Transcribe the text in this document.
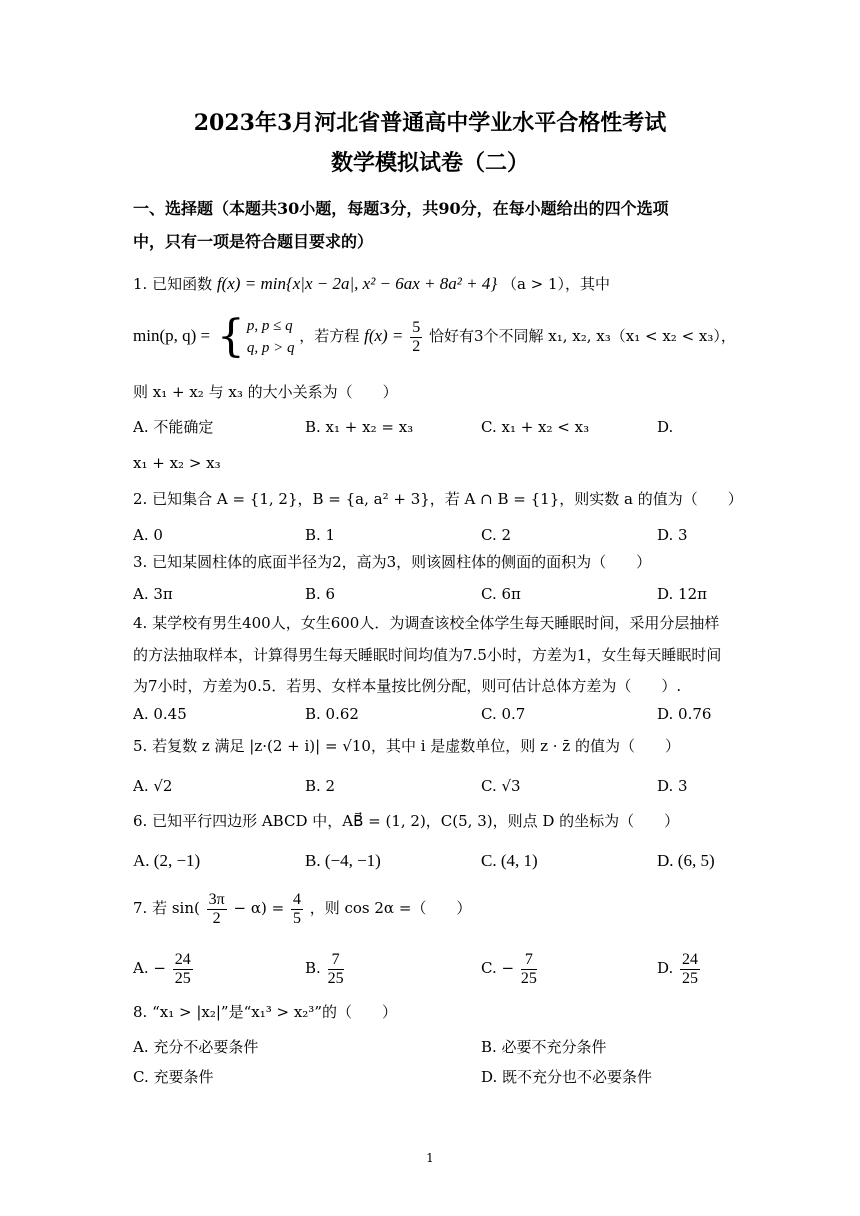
2023年3月河北省普通高中学业水平合格性考试
数学模拟试卷（二）
一、选择题（本题共30小题，每题3分，共90分，在每小题给出的四个选项
中，只有一项是符合题目要求的）
1. 已知函数 f(x) = min{x|x − 2a|, x² − 6ax + 8a² + 4} （a > 1），其中
min(p, q) = { p, p ≤ q
q, p > q
，若方程 $f(x) = \frac{5}{2}$ 恰好有3个不同解 x₁, x₂, x₃（x₁ < x₂ < x₃），
则 x₁ + x₂ 与 x₃ 的大小关系为（　　）
A. 不能确定	B. x₁ + x₂ = x₃	C. x₁ + x₂ < x₃	D.
x₁ + x₂ > x₃
2. 已知集合 A = {1, 2}，B = {a, a² + 3}，若 A ∩ B = {1}，则实数 a 的值为（　　）
A. 0	B. 1	C. 2	D. 3
3. 已知某圆柱体的底面半径为2，高为3，则该圆柱体的侧面的面积为（　　）
A. 3π	B. 6	C. 6π	D. 12π
4. 某学校有男生400人，女生600人．为调查该校全体学生每天睡眠时间，采用分层抽样
的方法抽取样本，计算得男生每天睡眠时间均值为7.5小时，方差为1，女生每天睡眠时间
为7小时，方差为0.5．若男、女样本量按比例分配，则可估计总体方差为（　　）.
A. 0.45	B. 0.62	C. 0.7	D. 0.76
5. 若复数 z 满足 |z·(2 + i)| = √10，其中 i 是虚数单位，则 z · z̄ 的值为（　　）
A. √2	B. 2	C. √3	D. 3
6. 已知平行四边形 ABCD 中，AB⃗ = (1, 2)，C(5, 3)，则点 D 的坐标为（　　）
A. (2, −1)	B. (−4, −1)	C. (4, 1)	D. (6, 5)
7. 若 $\sin( \frac{3\pi}{2} - \alpha) = \frac{4}{5}$ ，则 cos 2α =（　　）
A. − $\frac{24}{25}$	B. $\frac{7}{25}$	C. − $\frac{7}{25}$	D. $\frac{24}{25}$
8. “x₁ > |x₂|”是“x₁³ > x₂³”的（　　）
A. 充分不必要条件	B. 必要不充分条件
C. 充要条件	D. 既不充分也不必要条件
1
